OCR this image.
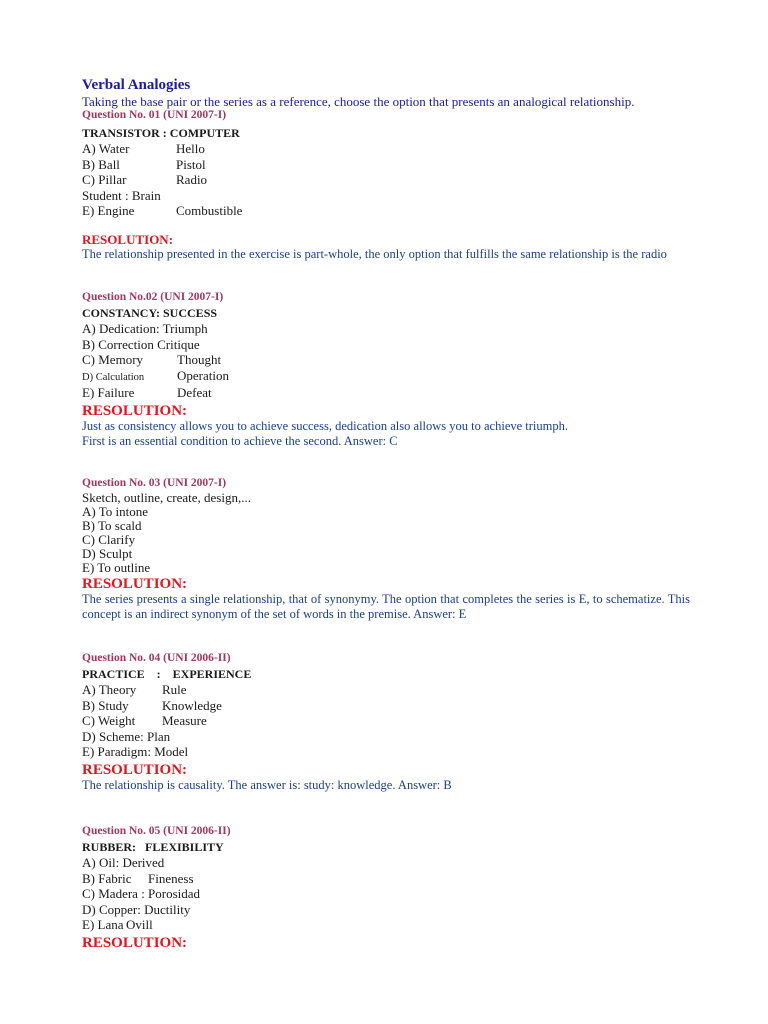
Verbal Analogies
Taking the base pair or the series as a reference, choose the option that presents an analogical relationship.
Question No. 01 (UNI 2007-I)
TRANSISTOR : COMPUTER
A) Water	Hello
B) Ball	Pistol
C) Pillar	Radio
Student : Brain
E) Engine	Combustible
RESOLUTION:
The relationship presented in the exercise is part-whole, the only option that fulfills the same relationship is the radio
Question No.02 (UNI 2007-I)
CONSTANCY: SUCCESS
A) Dedication: Triumph
B) Correction Critique
C) Memory	Thought
D) Calculation	Operation
E) Failure	Defeat
RESOLUTION:
Just as consistency allows you to achieve success, dedication also allows you to achieve triumph.
First is an essential condition to achieve the second. Answer: C
Question No. 03 (UNI 2007-I)
Sketch, outline, create, design,...
A) To intone
B) To scald
C) Clarify
D) Sculpt
E) To outline
RESOLUTION:
The series presents a single relationship, that of synonymy. The option that completes the series is E, to schematize. This concept is an indirect synonym of the set of words in the premise. Answer: E
Question No. 04 (UNI 2006-II)
PRACTICE    :    EXPERIENCE
A) Theory Rule
B) Study	Knowledge
C) Weight Measure
D) Scheme: Plan
E) Paradigm: Model
RESOLUTION:
The relationship is causality. The answer is: study: knowledge. Answer: B
Question No. 05 (UNI 2006-II)
RUBBER:   FLEXIBILITY
A) Oil: Derived
B) Fabric Fineness
C) Madera : Porosidad
D) Copper: Ductility
E) Lana Ovill
RESOLUTION:
